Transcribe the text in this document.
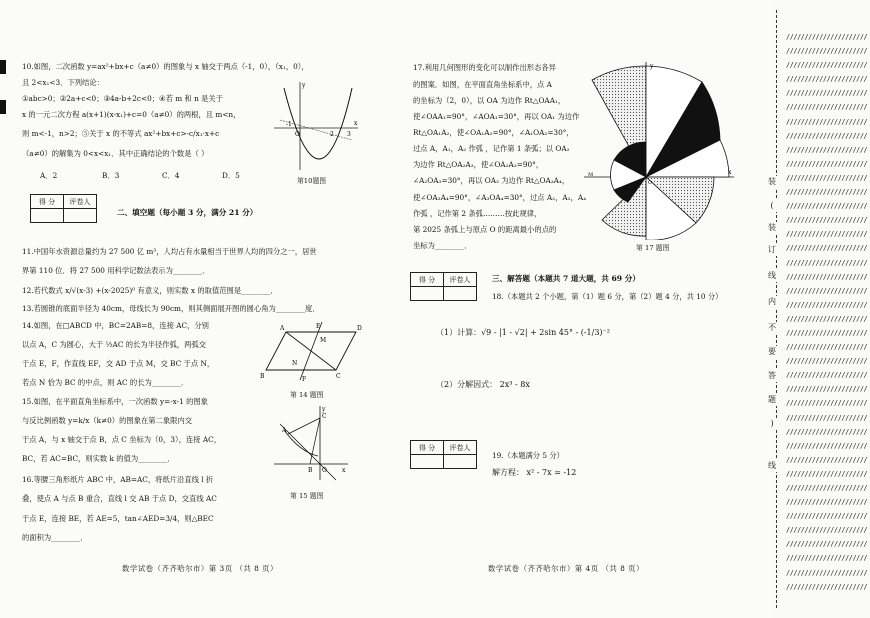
10.如图，二次函数 y=ax²+bx+c（a≠0）的图象与 x 轴交于两点（-1，0），（x₁，0），
且 2<x₁<3．下列结论：
①abc>0；②2a+c<0；③4a-b+2c<0；④若 m 和 n 是关于
x 的一元二次方程 a(x+1)(x-x₁)+c=0（a≠0）的两根，且 m<n，
则 m<-1，n>2；⑤关于 x 的不等式 ax²+bx+c>-c/x₁·x+c
（a≠0）的解集为 0<x<x₁．其中正确结论的个数是（ ）
A．2	B．3	C．4	D．5
-1
O	2 3
x
y
第10题图
得 分	评卷人

二、填空题（每小题 3 分，满分 21 分）
11.中国年水资源总量约为 27 500 亿 m³，人均占有水量相当于世界人均的四分之一，居世
界第 110 位．将 27 500 用科学记数法表示为________．
12.若代数式 x/√(x-3) +(x-2025)⁰ 有意义，则实数 x 的取值范围是________．
13.若圆锥的底面半径为 40cm，母线长为 90cm，则其侧面展开图的圆心角为________度．
14.如图，在□ABCD 中，BC=2AB=8，连接 AC，分别
以点 A，C 为圆心，大于 ½AC 的长为半径作弧，两弧交
于点 E，F，作直线 EF，交 AD 于点 M，交 BC 于点 N，
若点 N 恰为 BC 的中点，则 AC 的长为________．
A	D
B	C
E
M
N
F
第 14 题图
15.如图，在平面直角坐标系中，一次函数 y=-x-1 的图象
与反比例函数 y=k/x（k≠0）的图象在第二象限内交
于点 A，与 x 轴交于点 B，点 C 坐标为（0，3），连接 AC，
BC，若 AC=BC，则实数 k 的值为________．
A
B
C
O	x
y
第 15 题图
16.等腰三角形纸片 ABC 中，AB=AC，将纸片沿直线 l 折
叠，使点 A 与点 B 重合，直线 l 交 AB 于点 D，交直线 AC
于点 E，连接 BE，若 AE=5，tan∠AED=3/4，则△BEC
的面积为________．
数学试卷（齐齐哈尔市）第 3页 （共 8 页）
17.利用几何图形的变化可以制作出形态各异
的图案．如图，在平面直角坐标系中，点 A
的坐标为（2，0），以 OA 为边作 Rt△OAA₁，
使∠OAA₁=90°，∠AOA₁=30°，再以 OA₁ 为边作
Rt△OA₁A₂，使∠OA₁A₂=90°，∠A₁OA₂=30°，
过点 A，A₁，A₂ 作弧 ，记作第 1 条弧；以 OA₂
为边作 Rt△OA₂A₃，使∠OA₂A₃=90°，
∠A₂OA₃=30°，再以 OA₃ 为边作 Rt△OA₃A₄，
使∠OA₃A₄=90°，∠A₃OA₄=30°，过点 A₂，A₃，A₄
作弧 ，记作第 2 条弧………按此规律，
第 2025 条弧上与原点 O 的距离最小的点的
坐标为________．
y
x
O
M
第 17 题图
得 分	评卷人
		三、解答题（本题共 7 道大题，共 69 分）
18.（本题共 2 个小题，第（1）题 6 分，第（2）题 4 分，共 10 分）
（1）计算：√9 - |1 - √2| + 2sin 45° - (-1/3)⁻²
（2）分解因式： 2x³ - 8x
得 分	评卷人

19.（本题满分 5 分）
解方程： x² - 7x = -12
数学试卷（齐齐哈尔市）第 4页 （共 8 页）
//////////////////////
//////////////////////
//////////////////////
//////////////////////
//////////////////////
//////////////////////
//////////////////////
//////////////////////
//////////////////////
//////////////////////
//////////////////////
//////////////////////
//////////////////////
//////////////////////
//////////////////////
//////////////////////
//////////////////////
//////////////////////
//////////////////////
//////////////////////
//////////////////////
//////////////////////
//////////////////////
//////////////////////
//////////////////////
//////////////////////
//////////////////////
//////////////////////
//////////////////////
//////////////////////
//////////////////////
//////////////////////
//////////////////////
//////////////////////
//////////////////////
//////////////////////
//////////////////////
//////////////////////
//////////////////////
//////////////////////
装
(
装
订
线
内
不
要
答
题
)
线
